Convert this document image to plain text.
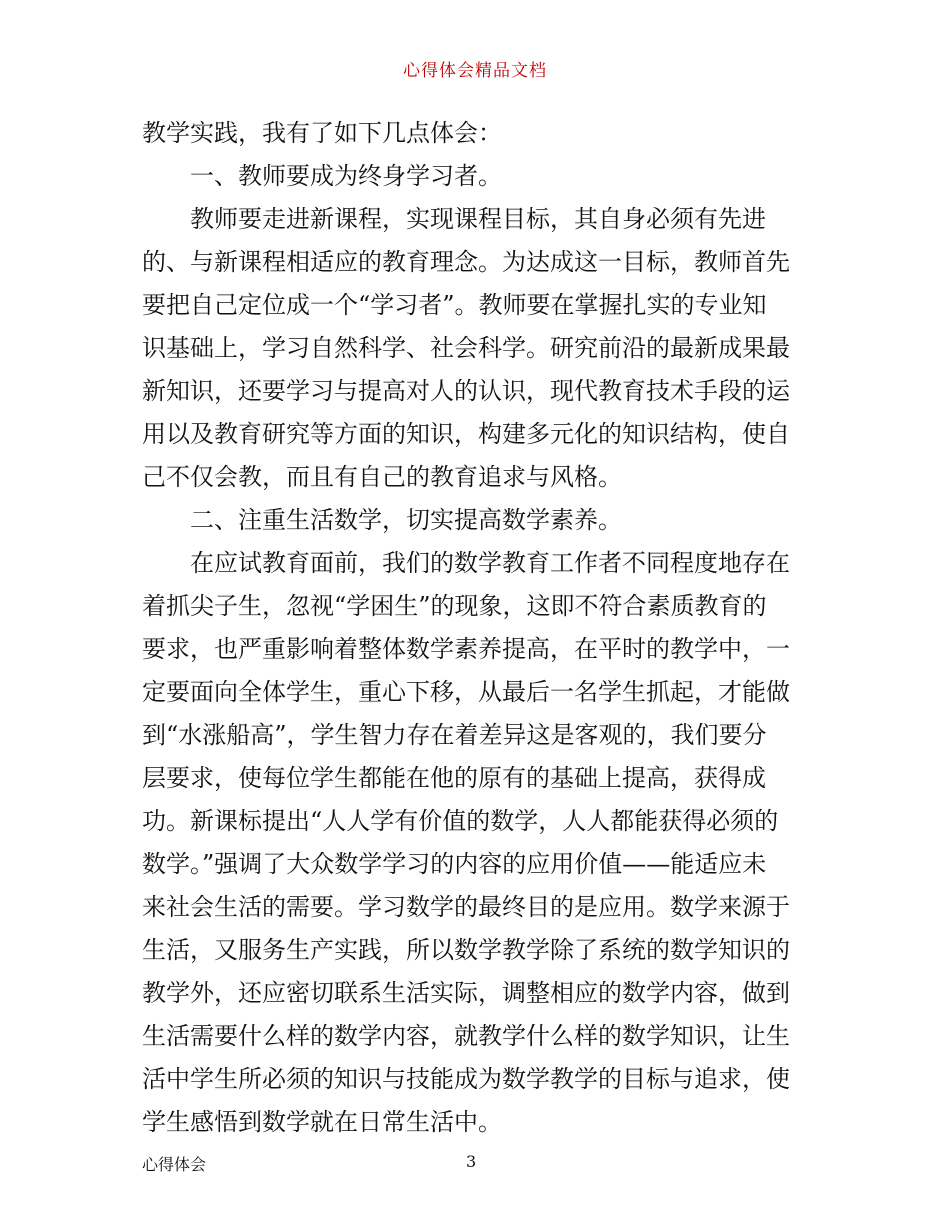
心得体会精品文档
教学实践，我有了如下几点体会：
一、教师要成为终身学习者。
教师要走进新课程，实现课程目标，其自身必须有先进
的、与新课程相适应的教育理念。为达成这一目标，教师首先
要把自己定位成一个“学习者”。教师要在掌握扎实的专业知
识基础上，学习自然科学、社会科学。研究前沿的最新成果最
新知识，还要学习与提高对人的认识，现代教育技术手段的运
用以及教育研究等方面的知识，构建多元化的知识结构，使自
己不仅会教，而且有自己的教育追求与风格。
二、注重生活数学，切实提高数学素养。
在应试教育面前，我们的数学教育工作者不同程度地存在
着抓尖子生，忽视“学困生”的现象，这即不符合素质教育的
要求，也严重影响着整体数学素养提高，在平时的教学中，一
定要面向全体学生，重心下移，从最后一名学生抓起，才能做
到“水涨船高”，学生智力存在着差异这是客观的，我们要分
层要求，使每位学生都能在他的原有的基础上提高，获得成
功。新课标提出“人人学有价值的数学，人人都能获得必须的
数学。”强调了大众数学学习的内容的应用价值——能适应未
来社会生活的需要。学习数学的最终目的是应用。数学来源于
生活，又服务生产实践，所以数学教学除了系统的数学知识的
教学外，还应密切联系生活实际，调整相应的数学内容，做到
生活需要什么样的数学内容，就教学什么样的数学知识，让生
活中学生所必须的知识与技能成为数学教学的目标与追求，使
学生感悟到数学就在日常生活中。
心得体会	3
